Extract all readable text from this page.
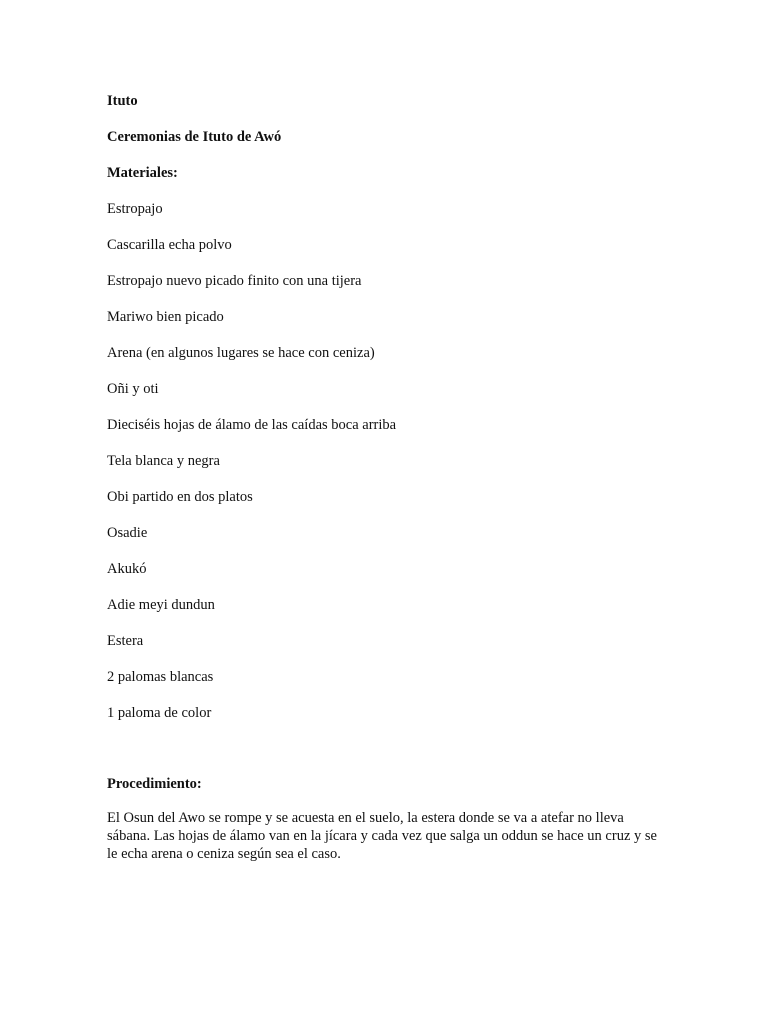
Ituto

Ceremonias de Ituto de Awó

Materiales:

Estropajo

Cascarilla echa polvo

Estropajo nuevo picado finito con una tijera

Mariwo bien picado

Arena (en algunos lugares se hace con ceniza)

Oñi y oti

Dieciséis hojas de álamo de las caídas boca arriba

Tela blanca y negra

Obi partido en dos platos

Osadie

Akukó

Adie meyi dundun

Estera

2 palomas blancas

1 paloma de color

Procedimiento:

El Osun del Awo se rompe y se acuesta en el suelo, la estera donde se va a atefar no lleva sábana. Las hojas de álamo van en la jícara y cada vez que salga un oddun se hace un cruz y se le echa arena o ceniza según sea el caso.
